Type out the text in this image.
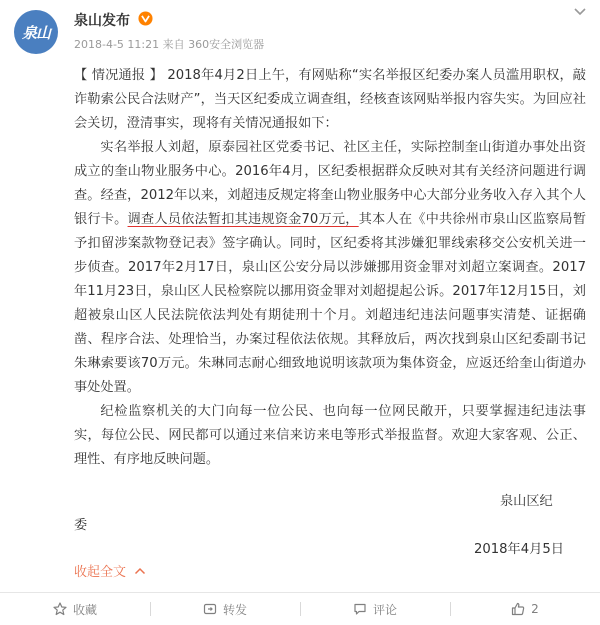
泉山
泉山发布
2018-4-5 11:21 来自 360安全浏览器

【 情况通报 】 2018年4月2日上午，有网贴称“实名举报区纪委办案人员滥用职权，敲诈勒索公民合法财产”，当天区纪委成立调查组，经核查该网贴举报内容失实。为回应社会关切，澄清事实，现将有关情况通报如下：

实名举报人刘超，原泰园社区党委书记、社区主任，实际控制奎山街道办事处出资成立的奎山物业服务中心。2016年4月，区纪委根据群众反映对其有关经济问题进行调查。经查，2012年以来，刘超违反规定将奎山物业服务中心大部分业务收入存入其个人银行卡。调查人员依法暂扣其违规资金70万元，其本人在《中共徐州市泉山区监察局暂予扣留涉案款物登记表》签字确认。同时，区纪委将其涉嫌犯罪线索移交公安机关进一步侦查。2017年2月17日，泉山区公安分局以涉嫌挪用资金罪对刘超立案调查。2017年11月23日，泉山区人民检察院以挪用资金罪对刘超提起公诉。2017年12月15日，刘超被泉山区人民法院依法判处有期徒刑十个月。刘超违纪违法问题事实清楚、证据确凿、程序合法、处理恰当，办案过程依法依规。其释放后，两次找到泉山区纪委副书记朱琳索要该70万元。朱琳同志耐心细致地说明该款项为集体资金，应返还给奎山街道办事处处置。

纪检监察机关的大门向每一位公民、也向每一位网民敞开，只要掌握违纪违法事实，每位公民、网民都可以通过来信来访来电等形式举报监督。欢迎大家客观、公正、理性、有序地反映问题。

泉山区纪
委
2018年4月5日
收起全文
收藏	转发	评论	2
